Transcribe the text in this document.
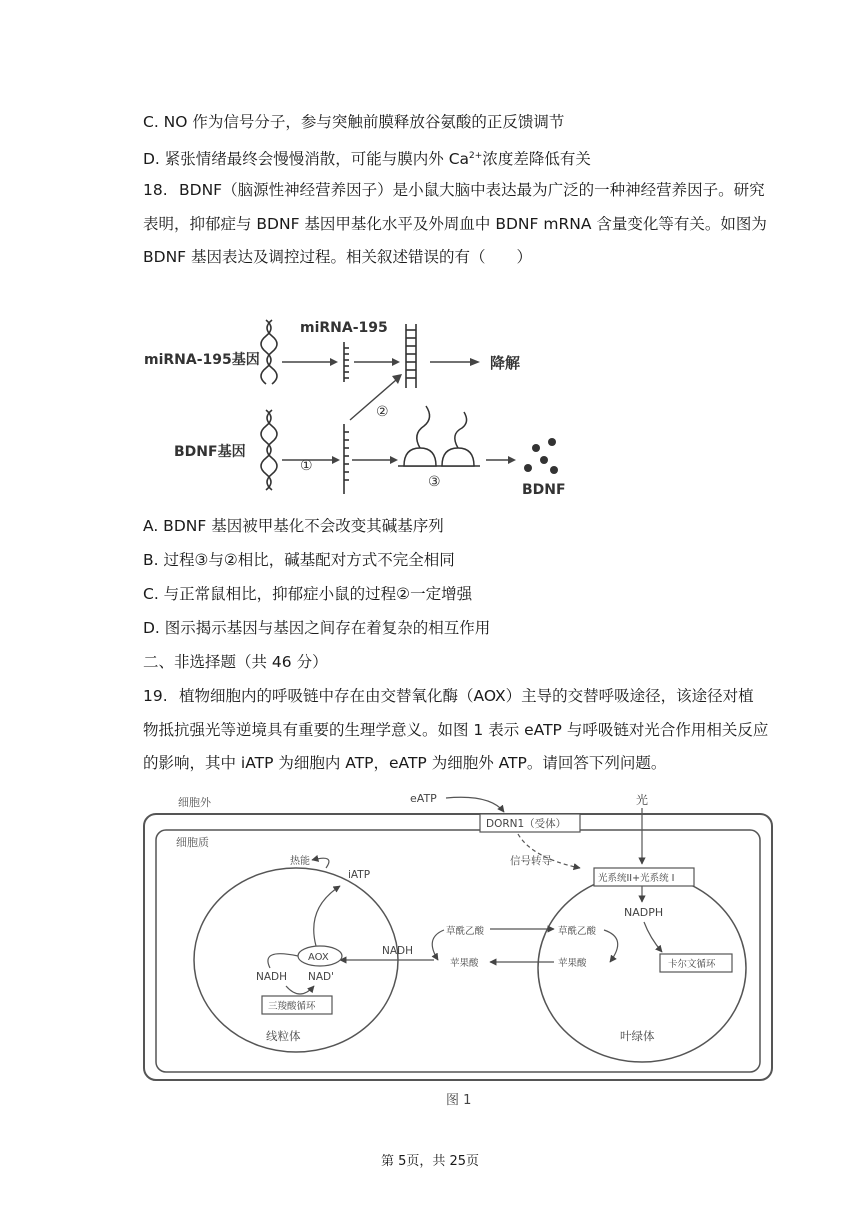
C. NO 作为信号分子，参与突触前膜释放谷氨酸的正反馈调节
D. 紧张情绪最终会慢慢消散，可能与膜内外 $Ca^{2+}$浓度差降低有关
18. BDNF（脑源性神经营养因子）是小鼠大脑中表达最为广泛的一种神经营养因子。研究
表明，抑郁症与 BDNF 基因甲基化水平及外周血中 BDNF mRNA 含量变化等有关。如图为
BDNF 基因表达及调控过程。相关叙述错误的有（　　）
miRNA-195基因
miRNA-195
降解
BDNF基因
①
②
③	BDNF
A. BDNF 基因被甲基化不会改变其碱基序列
B. 过程③与②相比，碱基配对方式不完全相同
C. 与正常鼠相比，抑郁症小鼠的过程②一定增强
D. 图示揭示基因与基因之间存在着复杂的相互作用
二、非选择题（共 46 分）
19. 植物细胞内的呼吸链中存在由交替氧化酶（AOX）主导的交替呼吸途径，该途径对植
物抵抗强光等逆境具有重要的生理学意义。如图 1 表示 eATP 与呼吸链对光合作用相关反应
的影响，其中 iATP 为细胞内 ATP，eATP 为细胞外 ATP。请回答下列问题。
细胞外
细胞质
DORN1（受体）
eATP	光
信号转导
线粒体	叶绿体
光系统II+光系统 I
NADPH
卡尔文循环
草酰乙酸
苹果酸
草酰乙酸
苹果酸
NADH
AOX
NADH NAD'
三羧酸循环
热能
iATP
图 1
第 5页，共 25页
